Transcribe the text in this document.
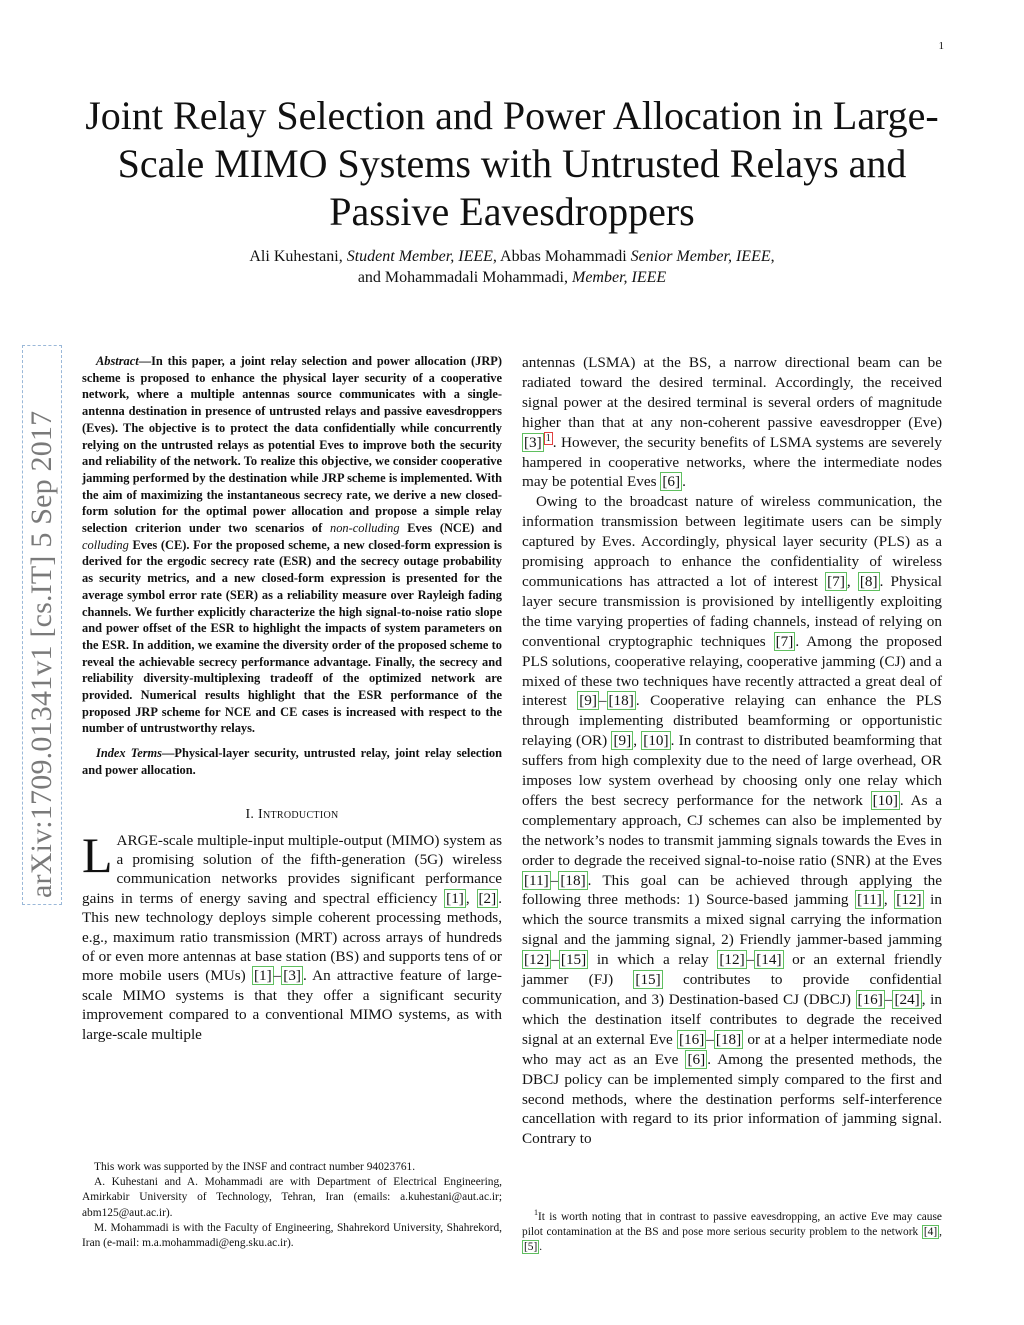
1
arXiv:1709.01341v1 [cs.IT] 5 Sep 2017
Joint Relay Selection and Power Allocation in Large-Scale MIMO Systems with Untrusted Relays and Passive Eavesdroppers
Ali Kuhestani, Student Member, IEEE, Abbas Mohammadi Senior Member, IEEE,
and Mohammadali Mohammadi, Member, IEEE

Abstract—In this paper, a joint relay selection and power allocation (JRP) scheme is proposed to enhance the physical layer security of a cooperative network, where a multiple antennas source communicates with a single-antenna destination in presence of untrusted relays and passive eavesdroppers (Eves). The objective is to protect the data confidentially while concurrently relying on the untrusted relays as potential Eves to improve both the security and reliability of the network. To realize this objective, we consider cooperative jamming performed by the destination while JRP scheme is implemented. With the aim of maximizing the instantaneous secrecy rate, we derive a new closed-form solution for the optimal power allocation and propose a simple relay selection criterion under two scenarios of non-colluding Eves (NCE) and colluding Eves (CE). For the proposed scheme, a new closed-form expression is derived for the ergodic secrecy rate (ESR) and the secrecy outage probability as security metrics, and a new closed-form expression is presented for the average symbol error rate (SER) as a reliability measure over Rayleigh fading channels. We further explicitly characterize the high signal-to-noise ratio slope and power offset of the ESR to highlight the impacts of system parameters on the ESR. In addition, we examine the diversity order of the proposed scheme to reveal the achievable secrecy performance advantage. Finally, the secrecy and reliability diversity-multiplexing tradeoff of the optimized network are provided. Numerical results highlight that the ESR performance of the proposed JRP scheme for NCE and CE cases is increased with respect to the number of untrustworthy relays.

Index Terms—Physical-layer security, untrusted relay, joint relay selection and power allocation.

I. Introduction

LARGE-scale multiple-input multiple-output (MIMO) system as a promising solution of the fifth-generation (5G) wireless communication networks provides significant performance gains in terms of energy saving and spectral efficiency [1] , [2] . This new technology deploys simple coherent processing methods, e.g., maximum ratio transmission (MRT) across arrays of hundreds of or even more antennas at base station (BS) and supports tens of or more mobile users (MUs) [1] – [3] . An attractive feature of large-scale MIMO systems is that they offer a significant security improvement compared to a conventional MIMO systems, as with large-scale multiple

antennas (LSMA) at the BS, a narrow directional beam can be radiated toward the desired terminal. Accordingly, the received signal power at the desired terminal is several orders of magnitude higher than that at any non-coherent passive eavesdropper (Eve) [3] $^1$ . However, the security benefits of LSMA systems are severely hampered in cooperative networks, where the intermediate nodes may be potential Eves [6] .

Owing to the broadcast nature of wireless communication, the information transmission between legitimate users can be simply captured by Eves. Accordingly, physical layer security (PLS) as a promising approach to enhance the confidentiality of wireless communications has attracted a lot of interest [7] , [8] . Physical layer secure transmission is provisioned by intelligently exploiting the time varying properties of fading channels, instead of relying on conventional cryptographic techniques [7] . Among the proposed PLS solutions, cooperative relaying, cooperative jamming (CJ) and a mixed of these two techniques have recently attracted a great deal of interest [9] – [18] . Cooperative relaying can enhance the PLS through implementing distributed beamforming or opportunistic relaying (OR) [9] , [10] . In contrast to distributed beamforming that suffers from high complexity due to the need of large overhead, OR imposes low system overhead by choosing only one relay which offers the best secrecy performance for the network [10] . As a complementary approach, CJ schemes can also be implemented by the network’s nodes to transmit jamming signals towards the Eves in order to degrade the received signal-to-noise ratio (SNR) at the Eves [11] – [18] . This goal can be achieved through applying the following three methods: 1) Source-based jamming [11] , [12] in which the source transmits a mixed signal carrying the information signal and the jamming signal, 2) Friendly jammer-based jamming [12] – [15] in which a relay [12] – [14] or an external friendly jammer (FJ) [15] contributes to provide confidential communication, and 3) Destination-based CJ (DBCJ) [16] – [24] , in which the destination itself contributes to degrade the received signal at an external Eve [16] – [18] or at a helper intermediate node who may act as an Eve [6] . Among the presented methods, the DBCJ policy can be implemented simply compared to the first and second methods, where the destination performs self-interference cancellation with regard to its prior information of jamming signal. Contrary to

This work was supported by the INSF and contract number 94023761.

A. Kuhestani and A. Mohammadi are with Department of Electrical Engineering, Amirkabir University of Technology, Tehran, Iran (emails: a.kuhestani@aut.ac.ir; abm125@aut.ac.ir).

M. Mohammadi is with the Faculty of Engineering, Shahrekord University, Shahrekord, Iran (e-mail: m.a.mohammadi@eng.sku.ac.ir).

$^1$It is worth noting that in contrast to passive eavesdropping, an active Eve may cause pilot contamination at the BS and pose more serious security problem to the network [4] , [5] .
